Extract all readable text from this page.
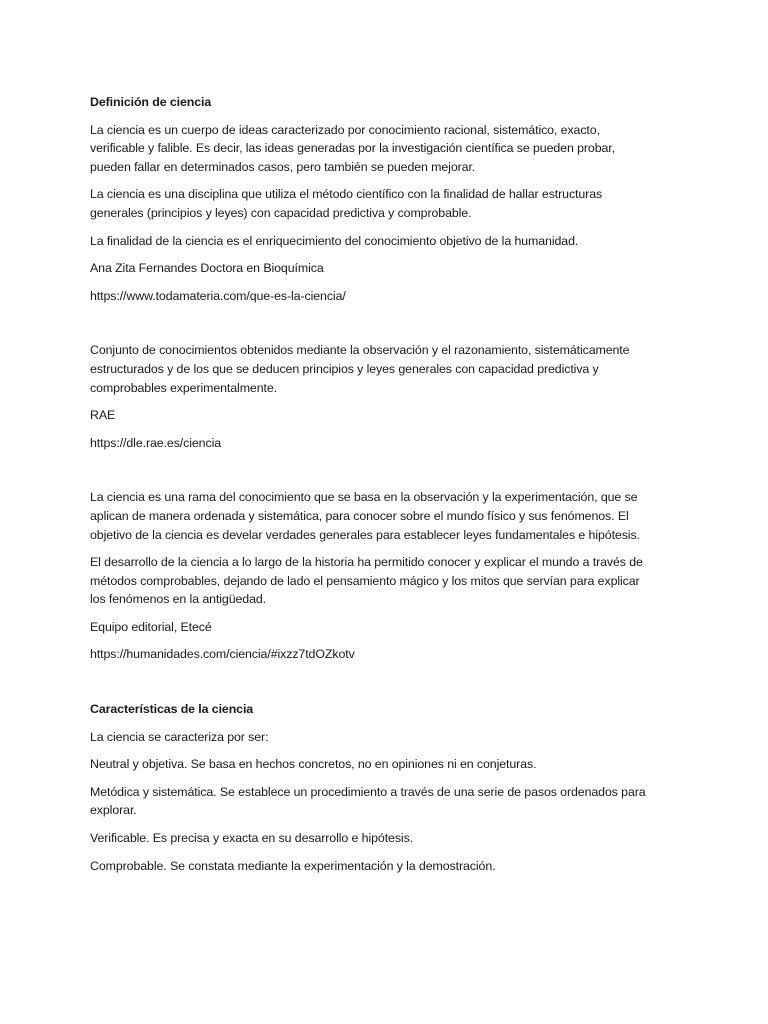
Definición de ciencia

La ciencia es un cuerpo de ideas caracterizado por conocimiento racional, sistemático, exacto,
verificable y falible. Es decir, las ideas generadas por la investigación científica se pueden probar,
pueden fallar en determinados casos, pero también se pueden mejorar.

La ciencia es una disciplina que utiliza el método científico con la finalidad de hallar estructuras
generales (principios y leyes) con capacidad predictiva y comprobable.

La finalidad de la ciencia es el enriquecimiento del conocimiento objetivo de la humanidad.

Ana Zita Fernandes Doctora en Bioquímica

https://www.todamateria.com/que-es-la-ciencia/

Conjunto de conocimientos obtenidos mediante la observación y el razonamiento, sistemáticamente
estructurados y de los que se deducen principios y leyes generales con capacidad predictiva y
comprobables experimentalmente.

RAE

https://dle.rae.es/ciencia

La ciencia es una rama del conocimiento que se basa en la observación y la experimentación, que se
aplican de manera ordenada y sistemática, para conocer sobre el mundo físico y sus fenómenos. El
objetivo de la ciencia es develar verdades generales para establecer leyes fundamentales e hipótesis.

El desarrollo de la ciencia a lo largo de la historia ha permitido conocer y explicar el mundo a través de
métodos comprobables, dejando de lado el pensamiento mágico y los mitos que servían para explicar
los fenómenos en la antigüedad.

Equipo editorial, Etecé

https://humanidades.com/ciencia/#ixzz7tdOZkotv

Características de la ciencia

La ciencia se caracteriza por ser:

Neutral y objetiva. Se basa en hechos concretos, no en opiniones ni en conjeturas.

Metódica y sistemática. Se establece un procedimiento a través de una serie de pasos ordenados para
explorar.

Verificable. Es precisa y exacta en su desarrollo e hipótesis.

Comprobable. Se constata mediante la experimentación y la demostración.
